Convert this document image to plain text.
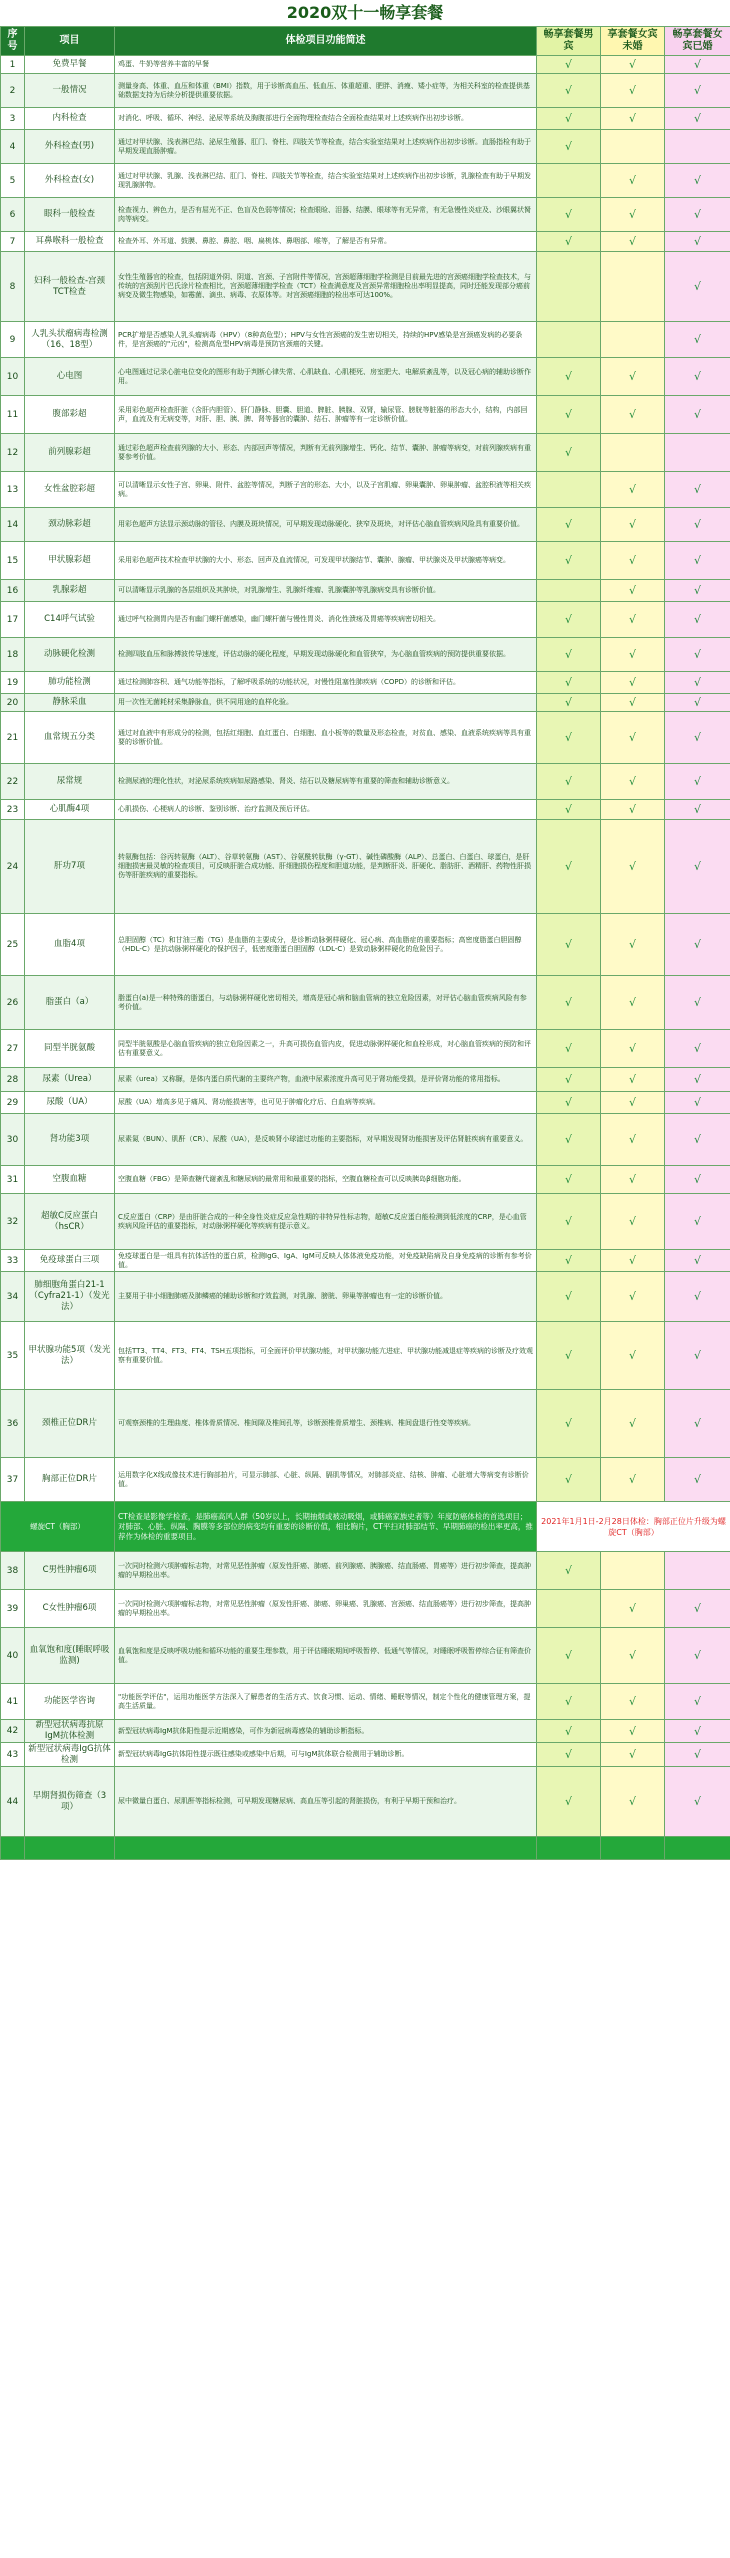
2020双十一畅享套餐
序号	项目	体检项目功能简述	畅享套餐男宾	享套餐女宾未婚	畅享套餐女宾已婚
1	免费早餐	鸡蛋、牛奶等营养丰富的早餐	√	√	√
2	一般情况	测量身高、体重、血压和体重（BMI）指数，用于诊断高血压、低血压、体重超重、肥胖、消瘦、矮小症等，为相关科室的检查提供基础数据支持为后续分析提供重要依据。	√	√	√
3	内科检查	对消化、呼吸、循环、神经、泌尿等系统及胸腹部进行全面物理检查结合全面检查结果对上述疾病作出初步诊断。	√	√	√
4	外科检查(男)	通过对甲状腺、浅表淋巴结、泌尿生殖器、肛门、脊柱、四肢关节等检查，结合实验室结果对上述疾病作出初步诊断。直肠指检有助于早期发现直肠肿瘤。	√		
5	外科检查(女)	通过对甲状腺、乳腺、浅表淋巴结、肛门、脊柱、四肢关节等检查，结合实验室结果对上述疾病作出初步诊断，乳腺检查有助于早期发现乳腺肿物。		√	√
6	眼科一般检查	检查视力、辨色力，是否有屈光不正、色盲及色弱等情况；检查眼睑、泪器、结膜、眼球等有无异常，有无急慢性炎症及、沙眼翼状胬肉等病变。	√	√	√
7	耳鼻喉科一般检查	检查外耳、外耳道、鼓膜、鼻腔、鼻腔、咽、扁桃体、鼻咽部、喉等，了解是否有异常。	√	√	√
8	妇科一般检查-宫颈TCT检查	女性生殖器官的检查，包括阴道外阴、阴道、宫颈、子宫附件等情况，宫颈超薄细胞学检测是目前最先进的宫颈癌细胞学检查技术，与传统的宫颈刮片巴氏涂片检查相比，宫颈超薄细胞学检查（TCT）检查满意度及宫颈异常细胞检出率明显提高，同时还能发现部分癌前病变及微生物感染，如霉菌、滴虫、病毒、衣原体等。对宫颈癌细胞的检出率可达100%。			√
9	人乳头状瘤病毒检测（16、18型）	PCR扩增是否感染人乳头瘤病毒（HPV）（8种高危型）；HPV与女性宫颈癌的发生密切相关，持续的HPV感染是宫颈癌发病的必要条件，是宫颈癌的"元凶"，检测高危型HPV病毒是预防宫颈癌的关键。			√
10	心电图	心电图通过记录心脏电位变化的图形有助于判断心律失常、心肌缺血、心肌梗死、房室肥大、电解质紊乱等，以及冠心病的辅助诊断作用。	√	√	√
11	腹部彩超	采用彩色超声检查肝脏（含肝内胆管）、肝门静脉、胆囊、胆道、脾脏、胰腺、双肾，输尿管、膀胱等脏器的形态大小，结构，内部回声，血流及有无病变等，对肝、胆、胰、脾、肾等器官的囊肿、结石、肿瘤等有一定诊断价值。	√	√	√
12	前列腺彩超	通过彩色超声检查前列腺的大小、形态、内部回声等情况，判断有无前列腺增生、钙化、结节、囊肿、肿瘤等病变，对前列腺疾病有重要参考价值。	√		
13	女性盆腔彩超	可以清晰显示女性子宫、卵巢、附件、盆腔等情况，判断子宫的形态、大小，以及子宫肌瘤、卵巢囊肿、卵巢肿瘤、盆腔积液等相关疾病。		√	√
14	颈动脉彩超	用彩色超声方法显示颈动脉的管径、内膜及斑块情况，可早期发现动脉硬化、狭窄及斑块，对评估心脑血管疾病风险具有重要价值。	√	√	√
15	甲状腺彩超	采用彩色超声技术检查甲状腺的大小、形态、回声及血流情况，可发现甲状腺结节、囊肿、腺瘤、甲状腺炎及甲状腺癌等病变。	√	√	√
16	乳腺彩超	可以清晰显示乳腺的各层组织及其肿块，对乳腺增生、乳腺纤维瘤、乳腺囊肿等乳腺病变具有诊断价值。		√	√
17	C14呼气试验	通过呼气检测胃内是否有幽门螺杆菌感染，幽门螺杆菌与慢性胃炎、消化性溃疡及胃癌等疾病密切相关。	√	√	√
18	动脉硬化检测	检测四肢血压和脉搏波传导速度，评估动脉的硬化程度，早期发现动脉硬化和血管狭窄，为心脑血管疾病的预防提供重要依据。	√	√	√
19	肺功能检测	通过检测肺容积、通气功能等指标，了解呼吸系统的功能状况，对慢性阻塞性肺疾病（COPD）的诊断和评估。	√	√	√
20	静脉采血	用一次性无菌耗材采集静脉血，供不同用途的血样化验。	√	√	√
21	血常规五分类	通过对血液中有形成分的检测，包括红细胞、血红蛋白、白细胞、血小板等的数量及形态检查，对贫血、感染、血液系统疾病等具有重要的诊断价值。	√	√	√
22	尿常规	检测尿液的理化性状，对泌尿系统疾病如尿路感染、肾炎、结石以及糖尿病等有重要的筛查和辅助诊断意义。	√	√	√
23	心肌酶4项	心肌损伤、心梗病人的诊断、鉴别诊断、治疗监测及预后评估。	√	√	√
24	肝功7项	转氨酶包括：谷丙转氨酶（ALT）、谷草转氨酶（AST）、谷氨酰转肽酶（γ-GT）、碱性磷酸酶（ALP）、总蛋白、白蛋白、球蛋白，是肝细胞损害最灵敏的检查项目，可反映肝脏合成功能、肝细胞损伤程度和胆道功能，是判断肝炎、肝硬化、脂肪肝、酒精肝、药物性肝损伤等肝脏疾病的重要指标。	√	√	√
25	血脂4项	总胆固醇（TC）和甘油三酯（TG）是血脂的主要成分，是诊断动脉粥样硬化、冠心病、高血脂症的重要指标；高密度脂蛋白胆固醇（HDL-C）是抗动脉粥样硬化的保护因子，低密度脂蛋白胆固醇（LDL-C）是致动脉粥样硬化的危险因子。	√	√	√
26	脂蛋白（a）	脂蛋白(a)是一种特殊的脂蛋白，与动脉粥样硬化密切相关，增高是冠心病和脑血管病的独立危险因素，对评估心脑血管疾病风险有参考价值。	√	√	√
27	同型半胱氨酸	同型半胱氨酸是心脑血管疾病的独立危险因素之一，升高可损伤血管内皮，促进动脉粥样硬化和血栓形成，对心脑血管疾病的预防和评估有重要意义。	√	√	√
28	尿素（Urea）	尿素（urea）又称脲，是体内蛋白质代谢的主要终产物，血液中尿素浓度升高可见于肾功能受损，是评价肾功能的常用指标。	√	√	√
29	尿酸（UA）	尿酸（UA）增高多见于痛风、肾功能损害等，也可见于肿瘤化疗后、白血病等疾病。	√	√	√
30	肾功能3项	尿素氮（BUN）、肌酐（CR）、尿酸（UA），是反映肾小球滤过功能的主要指标，对早期发现肾功能损害及评估肾脏疾病有重要意义。	√	√	√
31	空腹血糖	空腹血糖（FBG）是筛查糖代谢紊乱和糖尿病的最常用和最重要的指标，空腹血糖检查可以反映胰岛β细胞功能。	√	√	√
32	超敏C反应蛋白（hsCR）	C反应蛋白（CRP）是由肝脏合成的一种全身性炎症反应急性期的非特异性标志物，超敏C反应蛋白能检测到低浓度的CRP，是心血管疾病风险评估的重要指标，对动脉粥样硬化等疾病有提示意义。	√	√	√
33	免疫球蛋白三项	免疫球蛋白是一组具有抗体活性的蛋白质，检测IgG、IgA、IgM可反映人体体液免疫功能，对免疫缺陷病及自身免疫病的诊断有参考价值。	√	√	√
34	肺细胞角蛋白21-1（Cyfra21-1）（发光法）	主要用于非小细胞肺癌及肺鳞癌的辅助诊断和疗效监测，对乳腺、膀胱、卵巢等肿瘤也有一定的诊断价值。	√	√	√
35	甲状腺功能5项（发光法）	包括TT3、TT4、FT3、FT4、TSH五项指标，可全面评价甲状腺功能，对甲状腺功能亢进症、甲状腺功能减退症等疾病的诊断及疗效观察有重要价值。	√	√	√
36	颈椎正位DR片	可观察颈椎的生理曲度、椎体骨质情况、椎间隙及椎间孔等，诊断颈椎骨质增生、颈椎病、椎间盘退行性变等疾病。	√	√	√
37	胸部正位DR片	运用数字化X线成像技术进行胸部拍片，可显示肺部、心脏、纵隔、膈肌等情况，对肺部炎症、结核、肿瘤、心脏增大等病变有诊断价值。	√	√	√
螺旋CT（胸部）		CT检查是影像学检查，是肺癌高风人群（50岁以上，长期抽烟或被动吸烟，或肺癌家族史者等）年度防癌体检的首选项目；对肺部、心脏、纵隔、胸膜等多部位的病变均有重要的诊断价值，相比胸片，CT平扫对肺部结节、早期肺癌的检出率更高，推荐作为体检的重要项目。	2021年1月1日-2月28日体检：胸部正位片升级为螺旋CT（胸部）		
38	C男性肿瘤6项	一次同时检测六项肿瘤标志物，对常见恶性肿瘤（原发性肝癌、肺癌、前列腺癌、胰腺癌、结直肠癌、胃癌等）进行初步筛查，提高肿瘤的早期检出率。	√		
39	C女性肿瘤6项	一次同时检测六项肿瘤标志物，对常见恶性肿瘤（原发性肝癌、肺癌、卵巢癌、乳腺癌、宫颈癌、结直肠癌等）进行初步筛查，提高肿瘤的早期检出率。		√	√
40	血氧饱和度(睡眠呼吸监测)	血氧饱和度是反映呼吸功能和循环功能的重要生理参数，用于评估睡眠期间呼吸暂停、低通气等情况，对睡眠呼吸暂停综合征有筛查价值。	√	√	√
41	功能医学咨询	"功能医学评估"，运用功能医学方法深入了解患者的生活方式、饮食习惯、运动、情绪、睡眠等情况，制定个性化的健康管理方案，提高生活质量。	√	√	√
42	新型冠状病毒抗原IgM抗体检测	新型冠状病毒IgM抗体阳性提示近期感染，可作为新冠病毒感染的辅助诊断指标。	√	√	√
43	新型冠状病毒IgG抗体检测	新型冠状病毒IgG抗体阳性提示既往感染或感染中后期，可与IgM抗体联合检测用于辅助诊断。	√	√	√
44	早期肾损伤筛查（3项）	尿中微量白蛋白、尿肌酐等指标检测，可早期发现糖尿病、高血压等引起的肾脏损伤，有利于早期干预和治疗。	√	√	√
